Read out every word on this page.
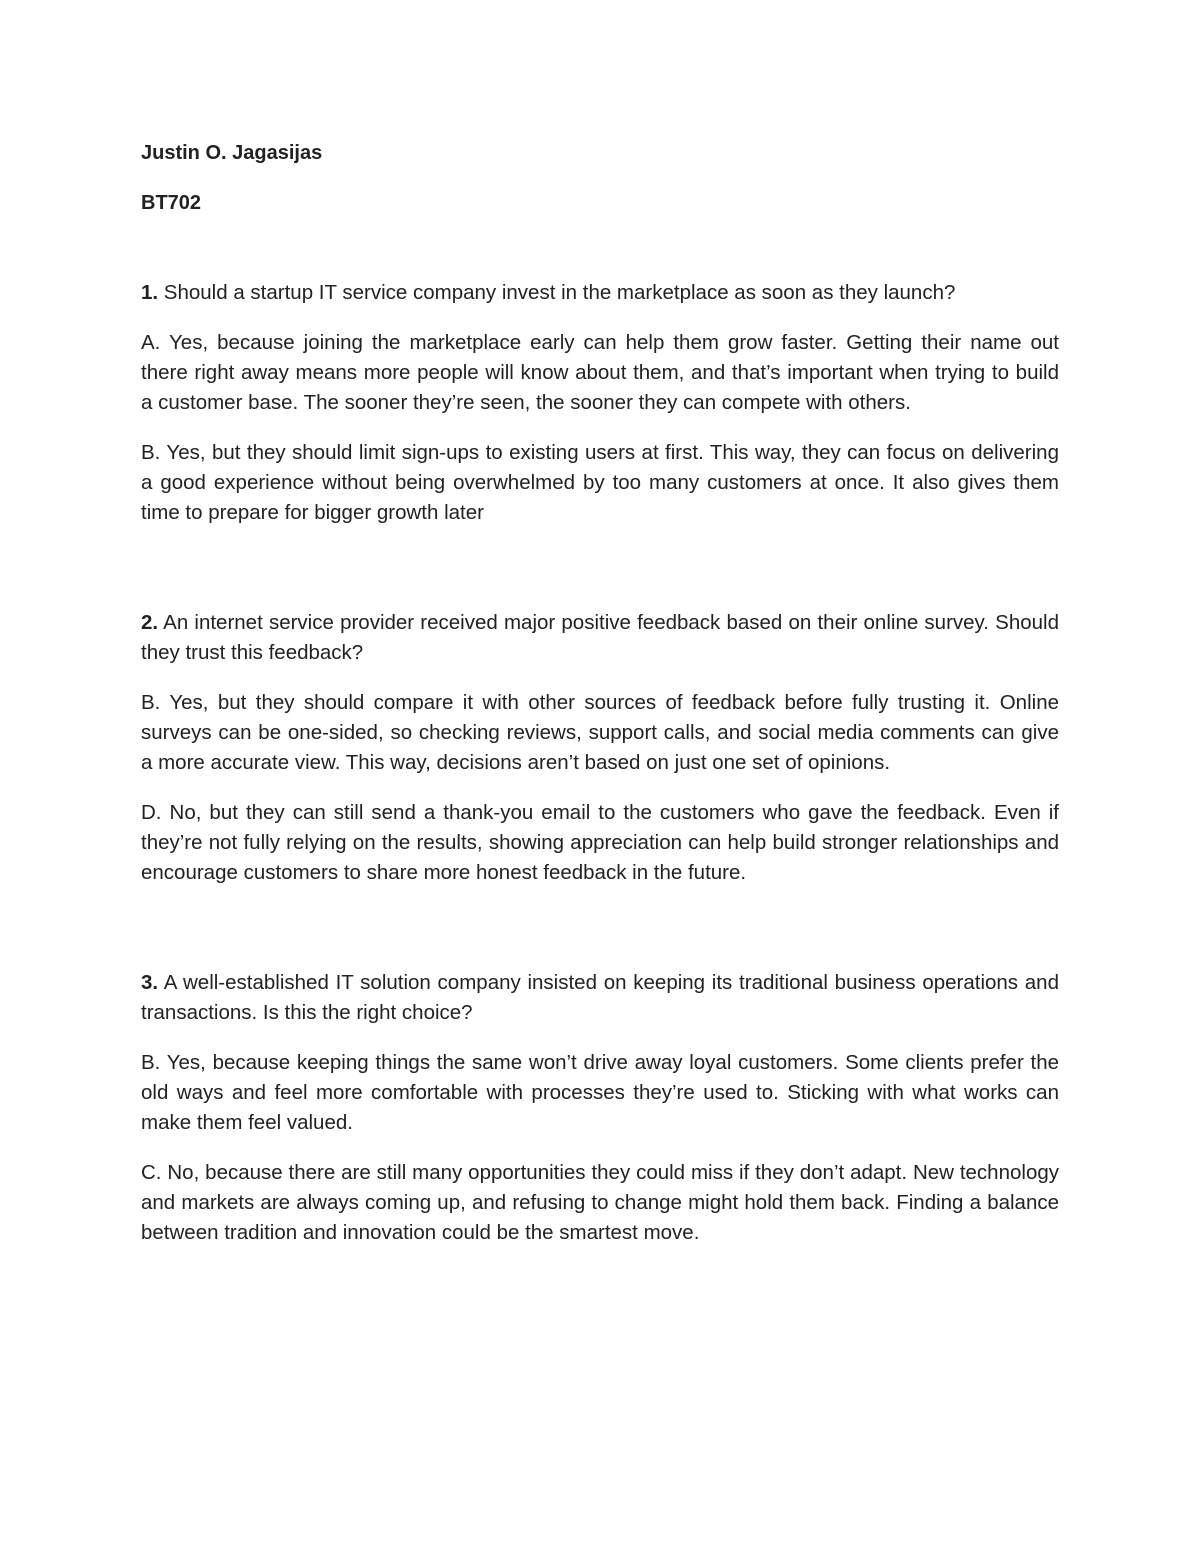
Justin O. Jagasijas

BT702

1. Should a startup IT service company invest in the marketplace as soon as they launch?

A. Yes, because joining the marketplace early can help them grow faster. Getting their name out there right away means more people will know about them, and that’s important when trying to build a customer base. The sooner they’re seen, the sooner they can compete with others.

B. Yes, but they should limit sign-ups to existing users at first. This way, they can focus on delivering a good experience without being overwhelmed by too many customers at once. It also gives them time to prepare for bigger growth later

2. An internet service provider received major positive feedback based on their online survey. Should they trust this feedback?

B. Yes, but they should compare it with other sources of feedback before fully trusting it. Online surveys can be one-sided, so checking reviews, support calls, and social media comments can give a more accurate view. This way, decisions aren’t based on just one set of opinions.

D. No, but they can still send a thank-you email to the customers who gave the feedback. Even if they’re not fully relying on the results, showing appreciation can help build stronger relationships and encourage customers to share more honest feedback in the future.

3. A well-established IT solution company insisted on keeping its traditional business operations and transactions. Is this the right choice?

B. Yes, because keeping things the same won’t drive away loyal customers. Some clients prefer the old ways and feel more comfortable with processes they’re used to. Sticking with what works can make them feel valued.

C. No, because there are still many opportunities they could miss if they don’t adapt. New technology and markets are always coming up, and refusing to change might hold them back. Finding a balance between tradition and innovation could be the smartest move.
